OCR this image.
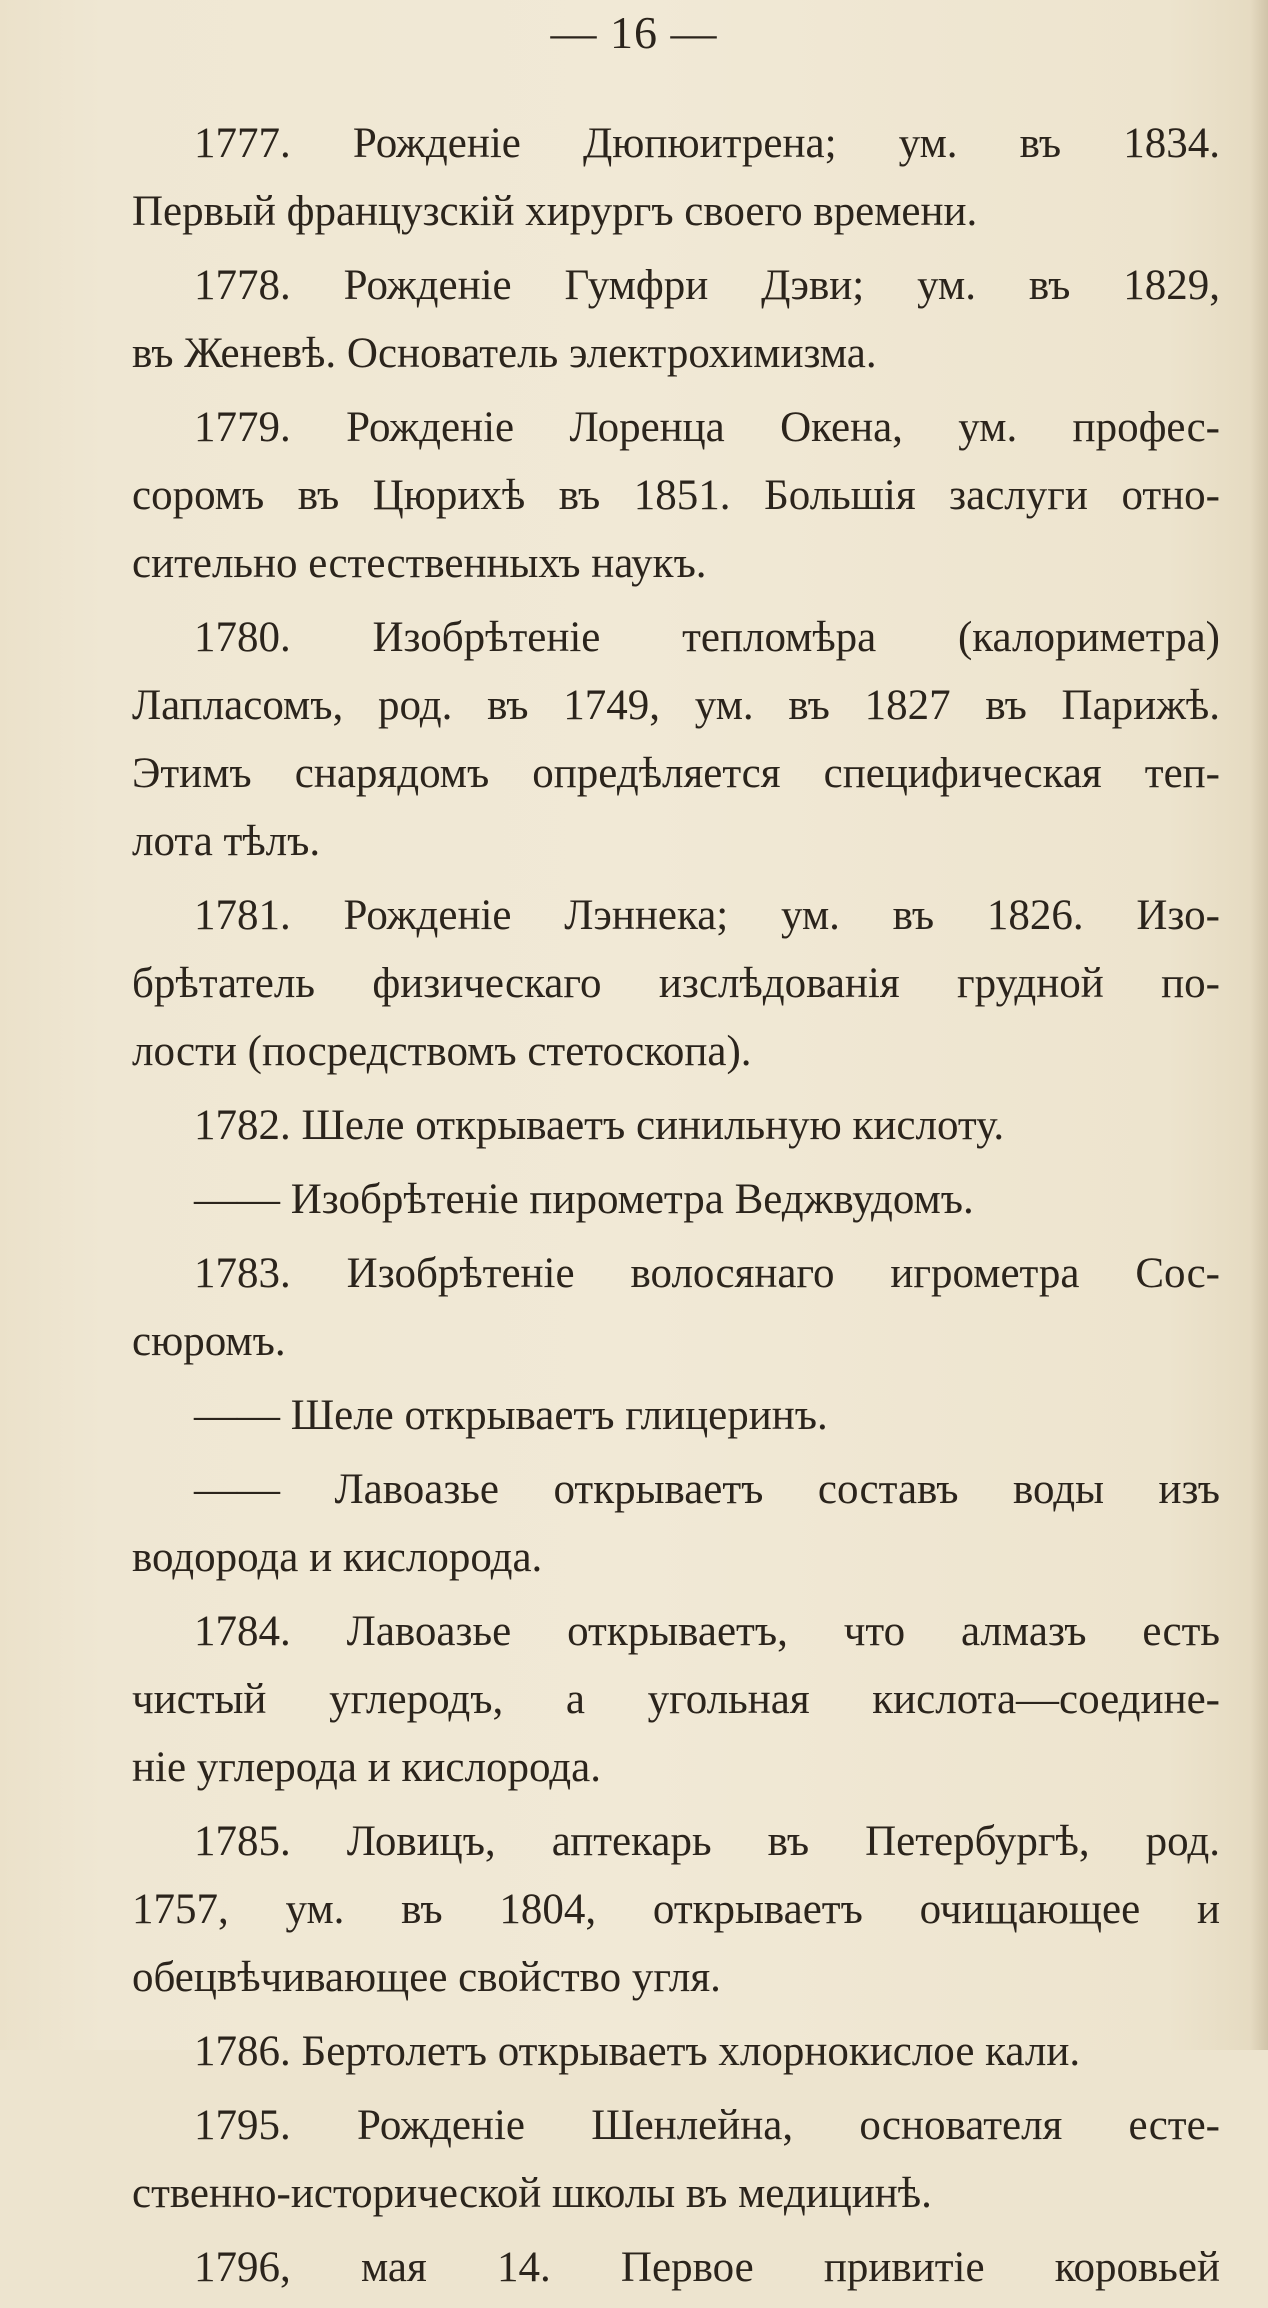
— 16 —
1777. Рожденіе Дюпюитрена; ум. въ 1834.
Первый французскій хирургъ своего времени.
1778. Рожденіе Гумфри Дэви; ум. въ 1829,
въ Женевѣ. Основатель электрохимизма.
1779. Рожденіе Лоренца Окена, ум. профес-
соромъ въ Цюрихѣ въ 1851. Большія заслуги отно-
сительно естественныхъ наукъ.
1780. Изобрѣтеніе тепломѣра (калориметра)
Лапласомъ, род. въ 1749, ум. въ 1827 въ Парижѣ.
Этимъ снарядомъ опредѣляется специфическая теп-
лота тѣлъ.
1781. Рожденіе Лэннека; ум. въ 1826. Изо-
брѣтатель физическаго изслѣдованія грудной по-
лости (посредствомъ стетоскопа).
1782. Шеле открываетъ синильную кислоту.
—— Изобрѣтеніе пирометра Веджвудомъ.
1783. Изобрѣтеніе волосянаго игрометра Сос-
сюромъ.
—— Шеле открываетъ глицеринъ.
—— Лавоазье открываетъ составъ воды изъ
водорода и кислорода.
1784. Лавоазье открываетъ, что алмазъ есть
чистый углеродъ, а угольная кислота—соедине-
ніе углерода и кислорода.
1785. Ловицъ, аптекарь въ Петербургѣ, род.
1757, ум. въ 1804, открываетъ очищающее и
обецвѣчивающее свойство угля.
1786. Бертолетъ открываетъ хлорнокислое кали.
1795. Рожденіе Шенлейна, основателя есте-
ственно-исторической школы въ медицинѣ.
1796, мая 14. Первое привитіе коровьей
